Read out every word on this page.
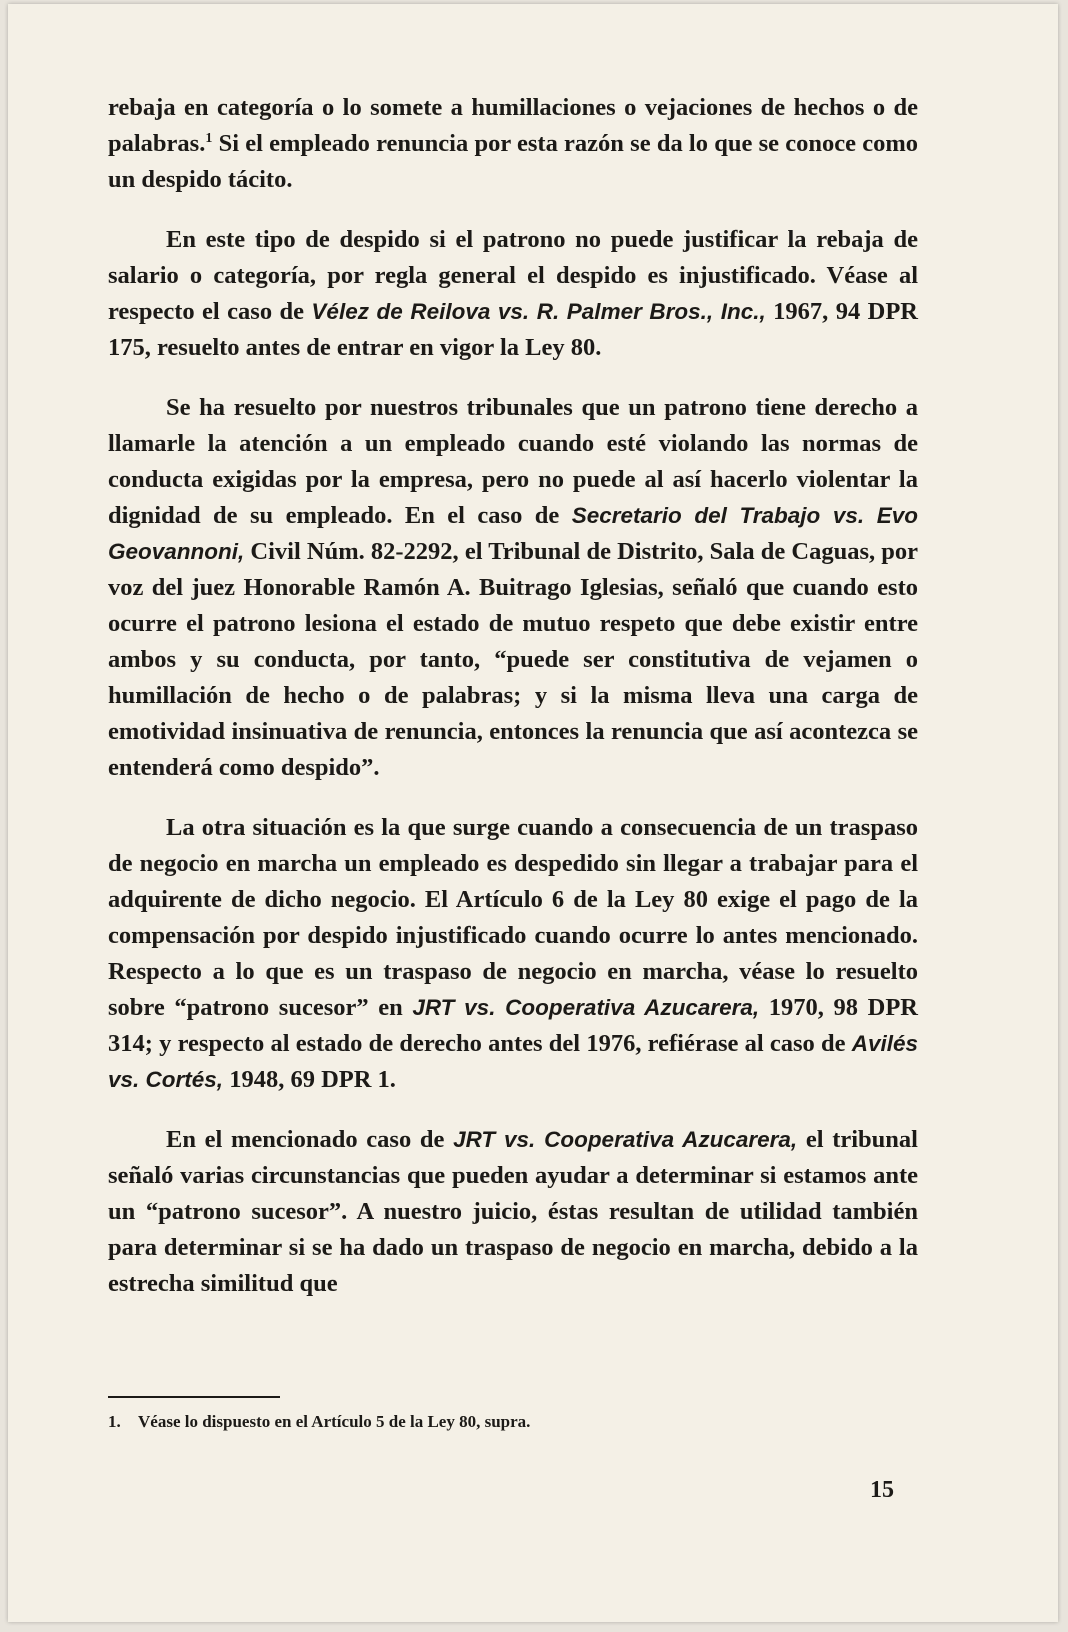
rebaja en categoría o lo somete a humillaciones o vejaciones de hechos o de palabras.$^1$ Si el empleado renuncia por esta razón se da lo que se conoce como un despido tácito.

En este tipo de despido si el patrono no puede justificar la rebaja de salario o categoría, por regla general el despido es injustificado. Véase al respecto el caso de Vélez de Reilova vs. R. Palmer Bros., Inc., 1967, 94 DPR 175, resuelto antes de entrar en vigor la Ley 80.

Se ha resuelto por nuestros tribunales que un patrono tiene derecho a llamarle la atención a un empleado cuando esté violando las normas de conducta exigidas por la empresa, pero no puede al así hacerlo violentar la dignidad de su empleado. En el caso de Secretario del Trabajo vs. Evo Geovannoni, Civil Núm. 82-2292, el Tribunal de Distrito, Sala de Caguas, por voz del juez Honorable Ramón A. Buitrago Iglesias, señaló que cuando esto ocurre el patrono lesiona el estado de mutuo respeto que debe existir entre ambos y su conducta, por tanto, “puede ser constitutiva de vejamen o humillación de hecho o de palabras; y si la misma lleva una carga de emotividad insinuativa de renuncia, entonces la renuncia que así acontezca se entenderá como despido”.

La otra situación es la que surge cuando a consecuencia de un traspaso de negocio en marcha un empleado es despedido sin llegar a trabajar para el adquirente de dicho negocio. El Artículo 6 de la Ley 80 exige el pago de la compensación por despido injustificado cuando ocurre lo antes mencionado. Respecto a lo que es un traspaso de negocio en marcha, véase lo resuelto sobre “patrono sucesor” en JRT vs. Cooperativa Azucarera, 1970, 98 DPR 314; y respecto al estado de derecho antes del 1976, refiérase al caso de Avilés vs. Cortés, 1948, 69 DPR 1.

En el mencionado caso de JRT vs. Cooperativa Azucarera, el tribunal señaló varias circunstancias que pueden ayudar a determinar si estamos ante un “patrono sucesor”. A nuestro juicio, éstas resultan de utilidad también para determinar si se ha dado un traspaso de negocio en marcha, debido a la estrecha similitud que

1. Véase lo dispuesto en el Artículo 5 de la Ley 80, supra.
15
